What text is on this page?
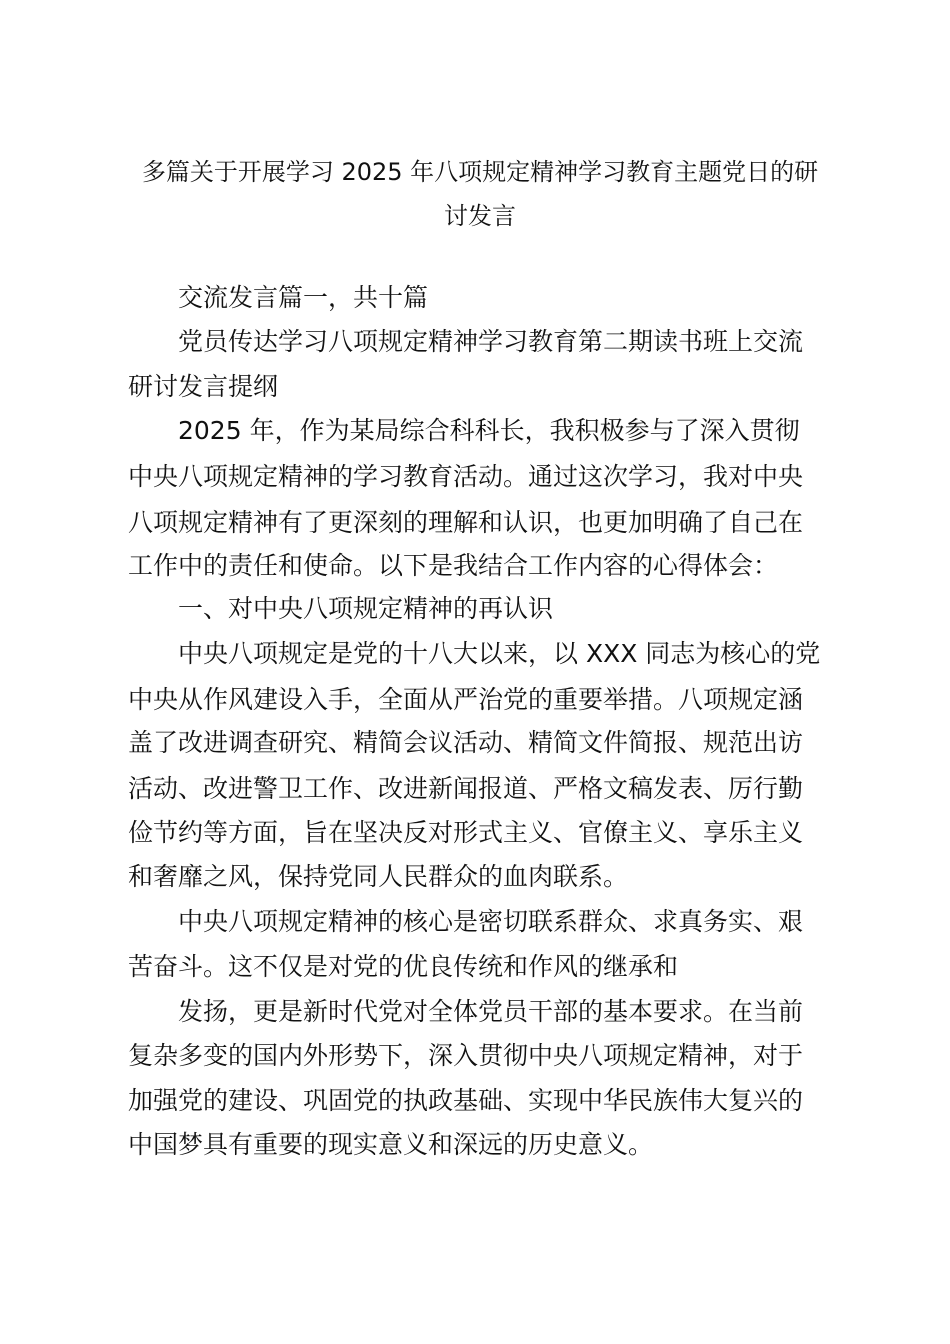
多篇关于开展学习 2025 年八项规定精神学习教育主题党日的研
讨发言
交流发言篇一，共十篇
党员传达学习八项规定精神学习教育第二期读书班上交流
研讨发言提纲
2025 年，作为某局综合科科长，我积极参与了深入贯彻
中央八项规定精神的学习教育活动。通过这次学习，我对中央
八项规定精神有了更深刻的理解和认识，也更加明确了自己在
工作中的责任和使命。以下是我结合工作内容的心得体会：
一、对中央八项规定精神的再认识
中央八项规定是党的十八大以来，以 XXX 同志为核心的党
中央从作风建设入手，全面从严治党的重要举措。八项规定涵
盖了改进调查研究、精简会议活动、精简文件简报、规范出访
活动、改进警卫工作、改进新闻报道、严格文稿发表、厉行勤
俭节约等方面，旨在坚决反对形式主义、官僚主义、享乐主义
和奢靡之风，保持党同人民群众的血肉联系。
中央八项规定精神的核心是密切联系群众、求真务实、艰
苦奋斗。这不仅是对党的优良传统和作风的继承和
发扬，更是新时代党对全体党员干部的基本要求。在当前
复杂多变的国内外形势下，深入贯彻中央八项规定精神，对于
加强党的建设、巩固党的执政基础、实现中华民族伟大复兴的
中国梦具有重要的现实意义和深远的历史意义。
